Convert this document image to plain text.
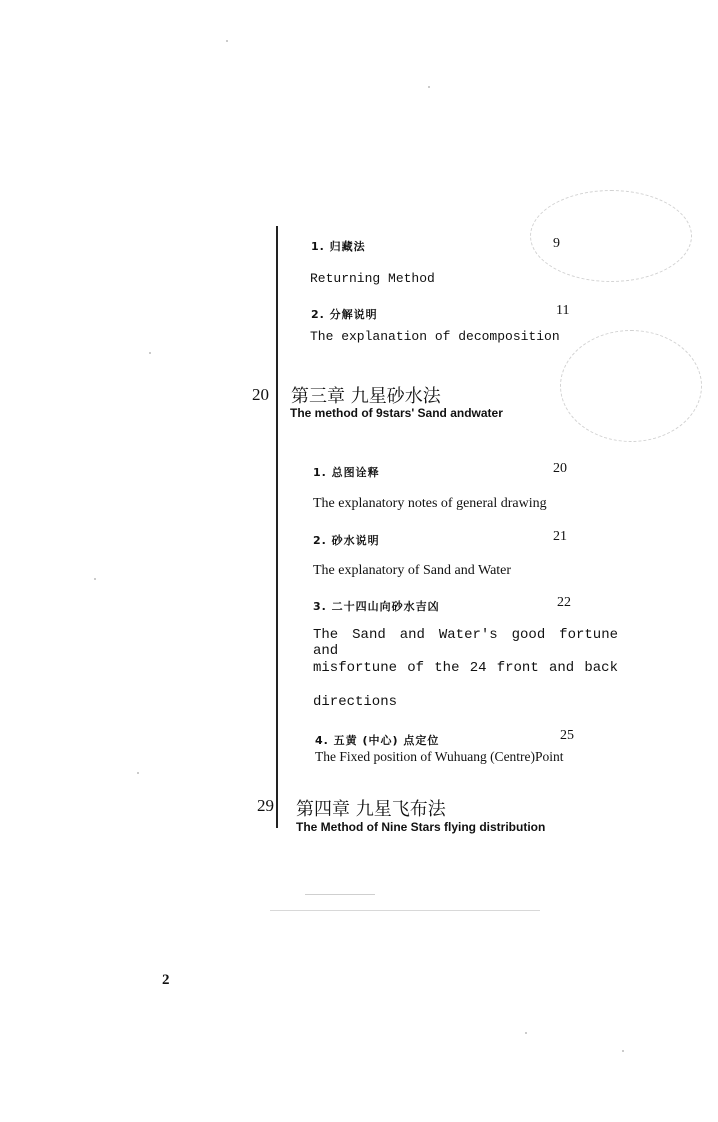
1. 归藏法	9
Returning Method
2. 分解说明	11
The explanation of decomposition
20 第三章 九星砂水法
The method of 9stars' Sand andwater
1. 总图诠释	20
The explanatory notes of general drawing
2. 砂水说明	21
The explanatory of Sand and Water
3. 二十四山向砂水吉凶	22
The Sand and Water's good fortune and
misfortune of the 24 front and back
directions
4. 五黄 (中心) 点定位	25
The Fixed position of Wuhuang (Centre)Point
29 第四章 九星飞布法
The Method of Nine Stars flying distribution
2
